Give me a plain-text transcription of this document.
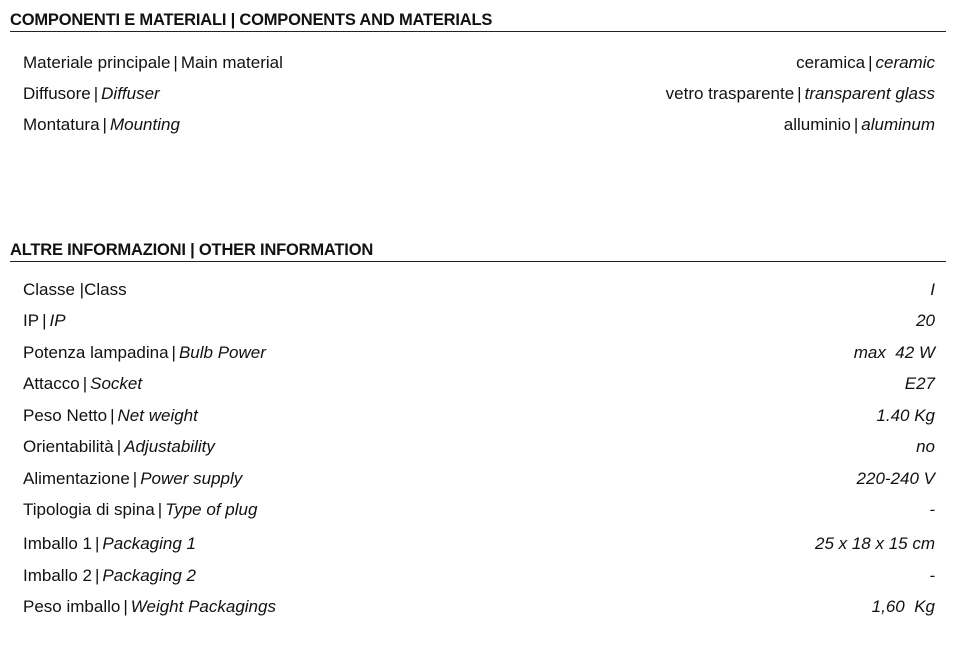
COMPONENTI E MATERIALI | COMPONENTS AND MATERIALS
Materiale principale | Main material	ceramica | ceramic
Diffusore | Diffuser	vetro trasparente | transparent glass
Montatura | Mounting	alluminio | aluminum
ALTRE INFORMAZIONI | OTHER INFORMATION
Classe |Class	I
IP | IP	20
Potenza lampadina | Bulb Power	max  42 W
Attacco | Socket	E27
Peso Netto | Net weight	1.40 Kg
Orientabilità | Adjustability	no
Alimentazione | Power supply	220-240 V
Tipologia di spina | Type of plug	-
Imballo 1 | Packaging 1	25 x 18 x 15 cm
Imballo 2 | Packaging 2	-
Peso imballo | Weight Packagings	1,60  Kg
